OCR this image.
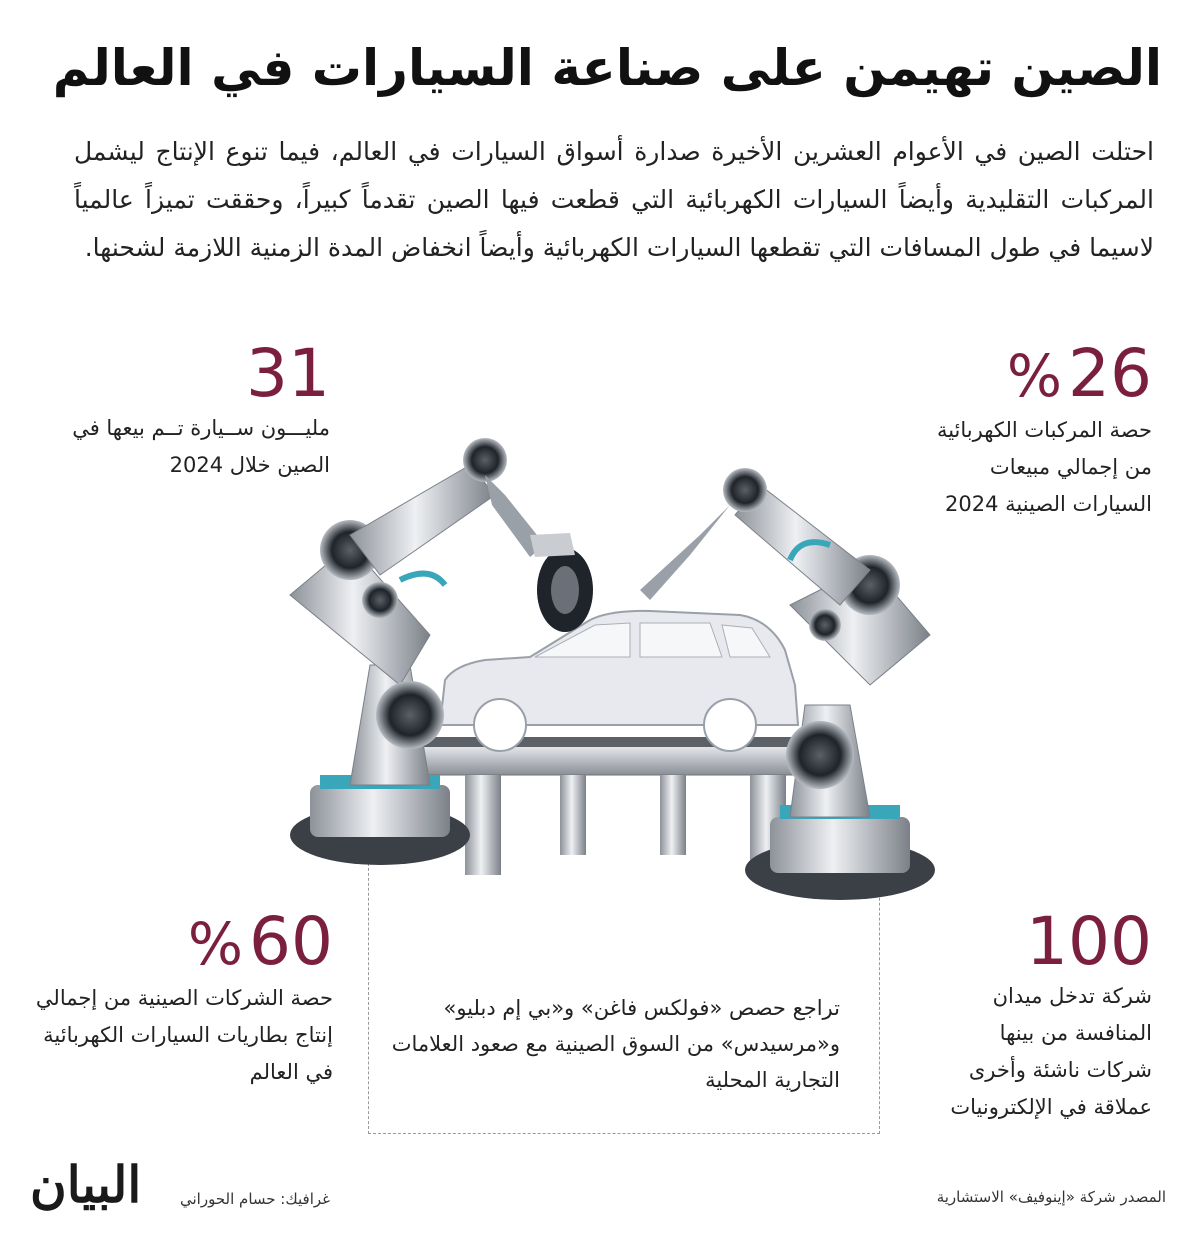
الصين تهيمن على صناعة السيارات في العالم
احتلت الصين في الأعوام العشرين الأخيرة صدارة أسواق السيارات في العالم، فيما تنوع الإنتاج ليشمل المركبات التقليدية وأيضاً السيارات الكهربائية التي قطعت فيها الصين تقدماً كبيراً، وحققت تميزاً عالمياً لاسيما في طول المسافات التي تقطعها السيارات الكهربائية وأيضاً انخفاض المدة الزمنية اللازمة لشحنها.
%26
حصة المركبات الكهربائية من إجمالي مبيعات السيارات الصينية 2024
31
مليـــون ســيارة تــم بيعها في الصين خلال 2024
100
شركة تدخل ميدان المنافسة من بينها شركات ناشئة وأخرى عملاقة في الإلكترونيات
%60
حصة الشركات الصينية من إجمالي إنتاج بطاريات السيارات الكهربائية في العالم
تراجع حصص «فولكس فاغن» و«بي إم دبليو» و«مرسيدس» من السوق الصينية مع صعود العلامات التجارية المحلية
المصدر شركة «إينوفيف» الاستشارية
غرافيك: حسام الحوراني
البيان
